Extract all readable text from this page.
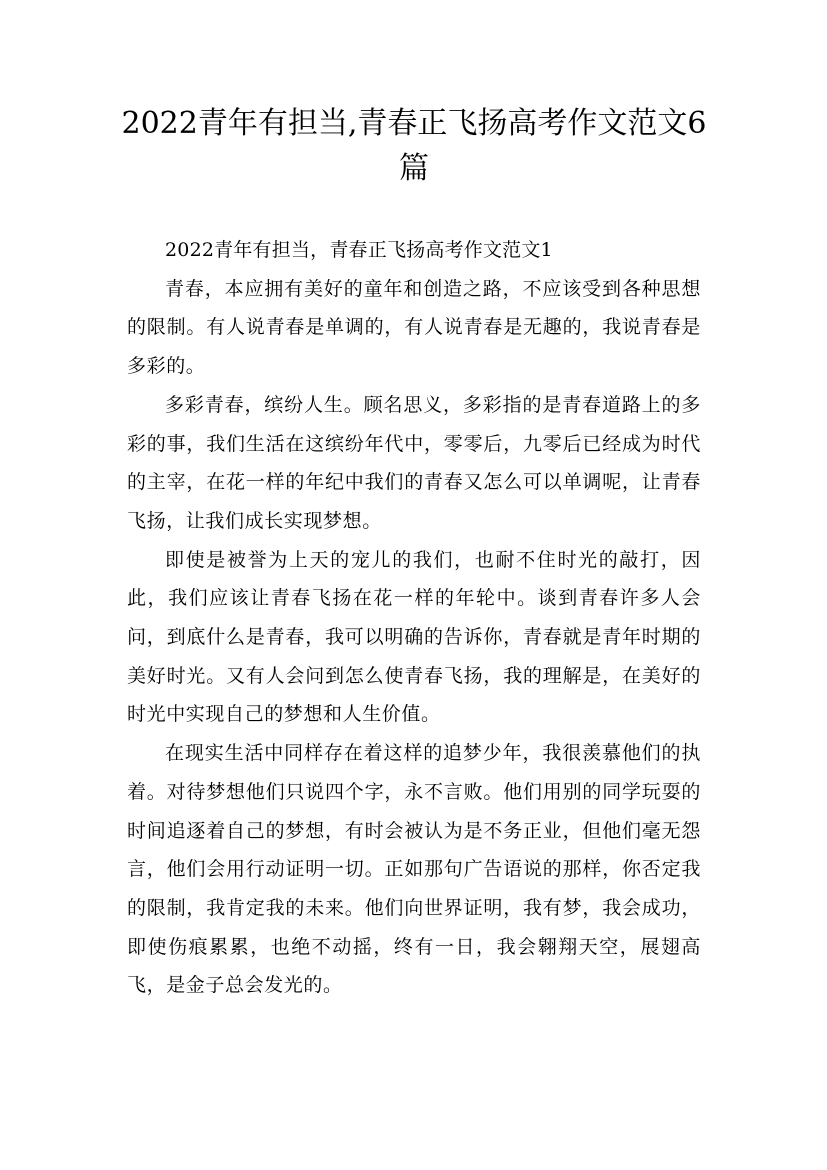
2022青年有担当,青春正飞扬高考作文范文6篇

2022青年有担当，青春正飞扬高考作文范文1

青春，本应拥有美好的童年和创造之路，不应该受到各种思想的限制。有人说青春是单调的，有人说青春是无趣的，我说青春是多彩的。

多彩青春，缤纷人生。顾名思义，多彩指的是青春道路上的多彩的事，我们生活在这缤纷年代中，零零后，九零后已经成为时代的主宰，在花一样的年纪中我们的青春又怎么可以单调呢，让青春飞扬，让我们成长实现梦想。

即使是被誉为上天的宠儿的我们，也耐不住时光的敲打，因此，我们应该让青春飞扬在花一样的年轮中。谈到青春许多人会问，到底什么是青春，我可以明确的告诉你，青春就是青年时期的美好时光。又有人会问到怎么使青春飞扬，我的理解是，在美好的时光中实现自己的梦想和人生价值。

在现实生活中同样存在着这样的追梦少年，我很羡慕他们的执着。对待梦想他们只说四个字，永不言败。他们用别的同学玩耍的时间追逐着自己的梦想，有时会被认为是不务正业，但他们毫无怨言，他们会用行动证明一切。正如那句广告语说的那样，你否定我的限制，我肯定我的未来。他们向世界证明，我有梦，我会成功，即使伤痕累累，也绝不动摇，终有一日，我会翱翔天空，展翅高飞，是金子总会发光的。
